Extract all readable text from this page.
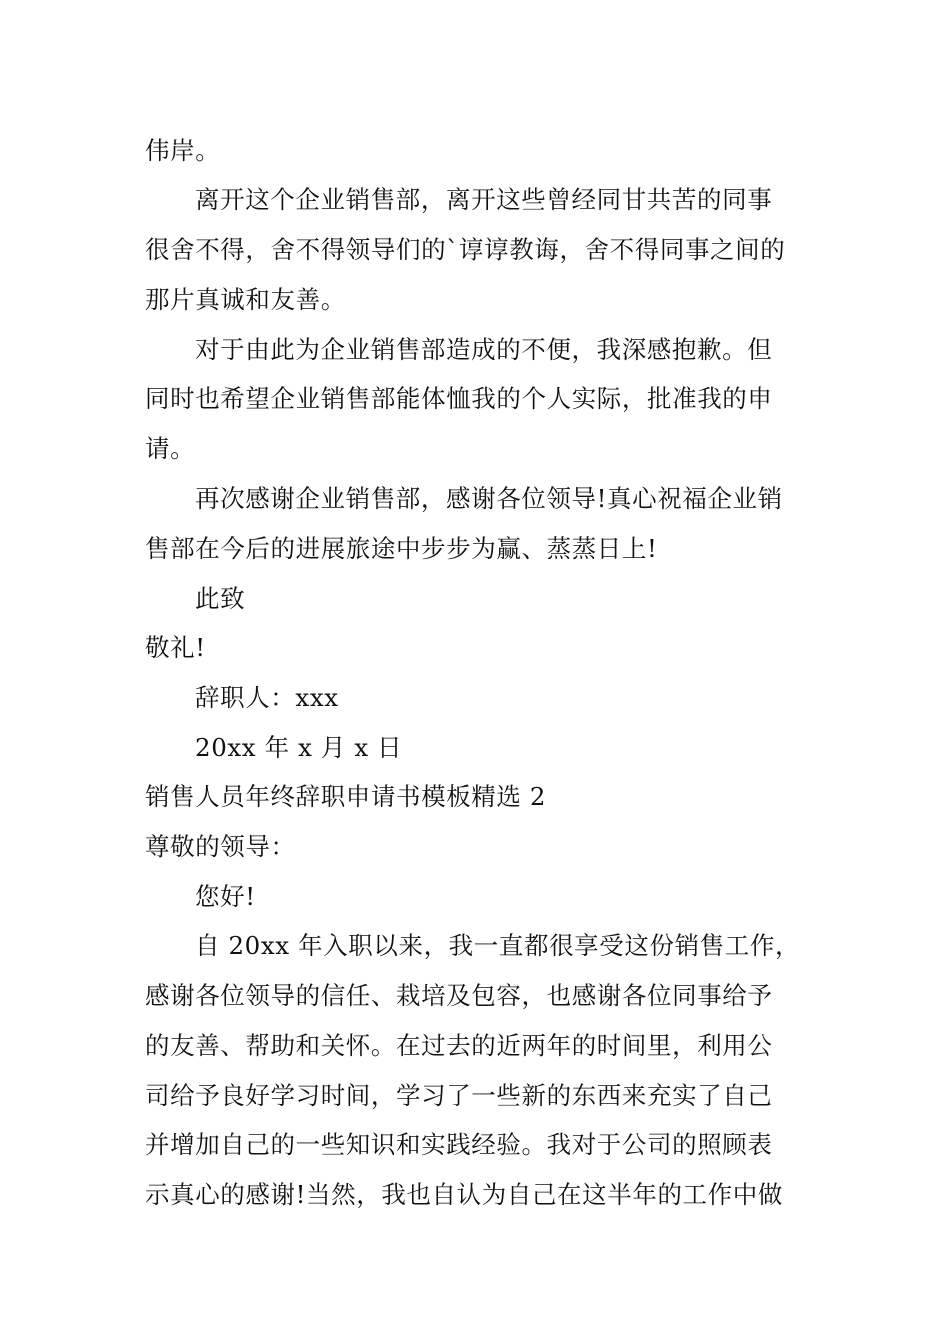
伟岸。
离开这个企业销售部，离开这些曾经同甘共苦的同事
很舍不得，舍不得领导们的`谆谆教诲，舍不得同事之间的
那片真诚和友善。
对于由此为企业销售部造成的不便，我深感抱歉。但
同时也希望企业销售部能体恤我的个人实际，批准我的申
请。
再次感谢企业销售部，感谢各位领导!真心祝福企业销
售部在今后的进展旅途中步步为赢、蒸蒸日上!
此致
敬礼!
辞职人：xxx
20xx 年 x 月 x 日
销售人员年终辞职申请书模板精选 2
尊敬的领导：
您好!
自 20xx 年入职以来，我一直都很享受这份销售工作，
感谢各位领导的信任、栽培及包容，也感谢各位同事给予
的友善、帮助和关怀。在过去的近两年的时间里，利用公
司给予良好学习时间，学习了一些新的东西来充实了自己
并增加自己的一些知识和实践经验。我对于公司的照顾表
示真心的感谢!当然，我也自认为自己在这半年的工作中做
